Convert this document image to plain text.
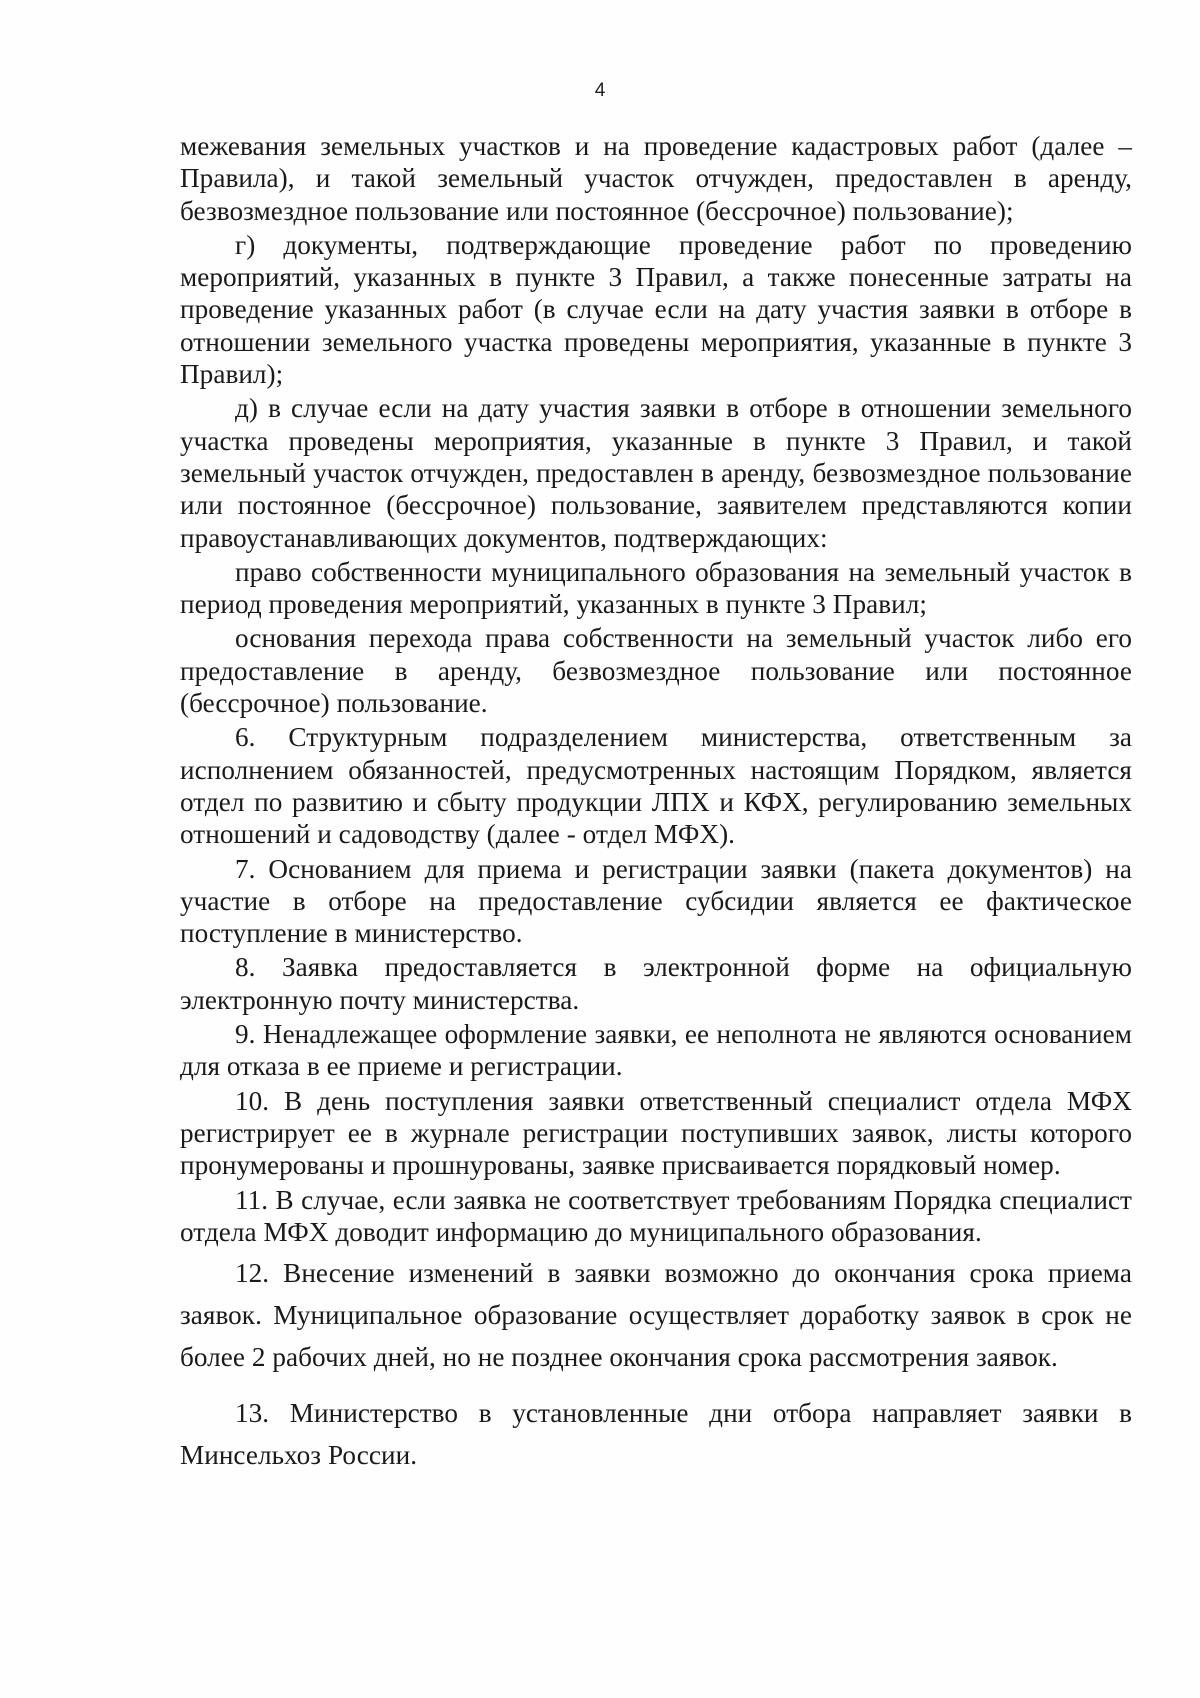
4

межевания земельных участков и на проведение кадастровых работ (далее – Правила), и такой земельный участок отчужден, предоставлен в аренду, безвозмездное пользование или постоянное (бессрочное) пользование);

г) документы, подтверждающие проведение работ по проведению мероприятий, указанных в пункте 3 Правил, а также понесенные затраты на проведение указанных работ (в случае если на дату участия заявки в отборе в отношении земельного участка проведены мероприятия, указанные в пункте 3 Правил);

д) в случае если на дату участия заявки в отборе в отношении земельного участка проведены мероприятия, указанные в пункте 3 Правил, и такой земельный участок отчужден, предоставлен в аренду, безвозмездное пользование или постоянное (бессрочное) пользование, заявителем представляются копии правоустанавливающих документов, подтверждающих:

право собственности муниципального образования на земельный участок в период проведения мероприятий, указанных в пункте 3 Правил;

основания перехода права собственности на земельный участок либо его предоставление в аренду, безвозмездное пользование или постоянное (бессрочное) пользование.

6. Структурным подразделением министерства, ответственным за исполнением обязанностей, предусмотренных настоящим Порядком, является отдел по развитию и сбыту продукции ЛПХ и КФХ, регулированию земельных отношений и садоводству (далее - отдел МФХ).

7. Основанием для приема и регистрации заявки (пакета документов) на участие в отборе на предоставление субсидии является ее фактическое поступление в министерство.

8. Заявка предоставляется в электронной форме на официальную электронную почту министерства.

9. Ненадлежащее оформление заявки, ее неполнота не являются основанием для отказа в ее приеме и регистрации.

10. В день поступления заявки ответственный специалист отдела МФХ регистрирует ее в журнале регистрации поступивших заявок, листы которого пронумерованы и прошнурованы, заявке присваивается порядковый номер.

11. В случае, если заявка не соответствует требованиям Порядка специалист отдела МФХ доводит информацию до муниципального образования.

12. Внесение изменений в заявки возможно до окончания срока приема заявок. Муниципальное образование осуществляет доработку заявок в срок не более 2 рабочих дней, но не позднее окончания срока рассмотрения заявок.

13. Министерство в установленные дни отбора направляет заявки в Минсельхоз России.
